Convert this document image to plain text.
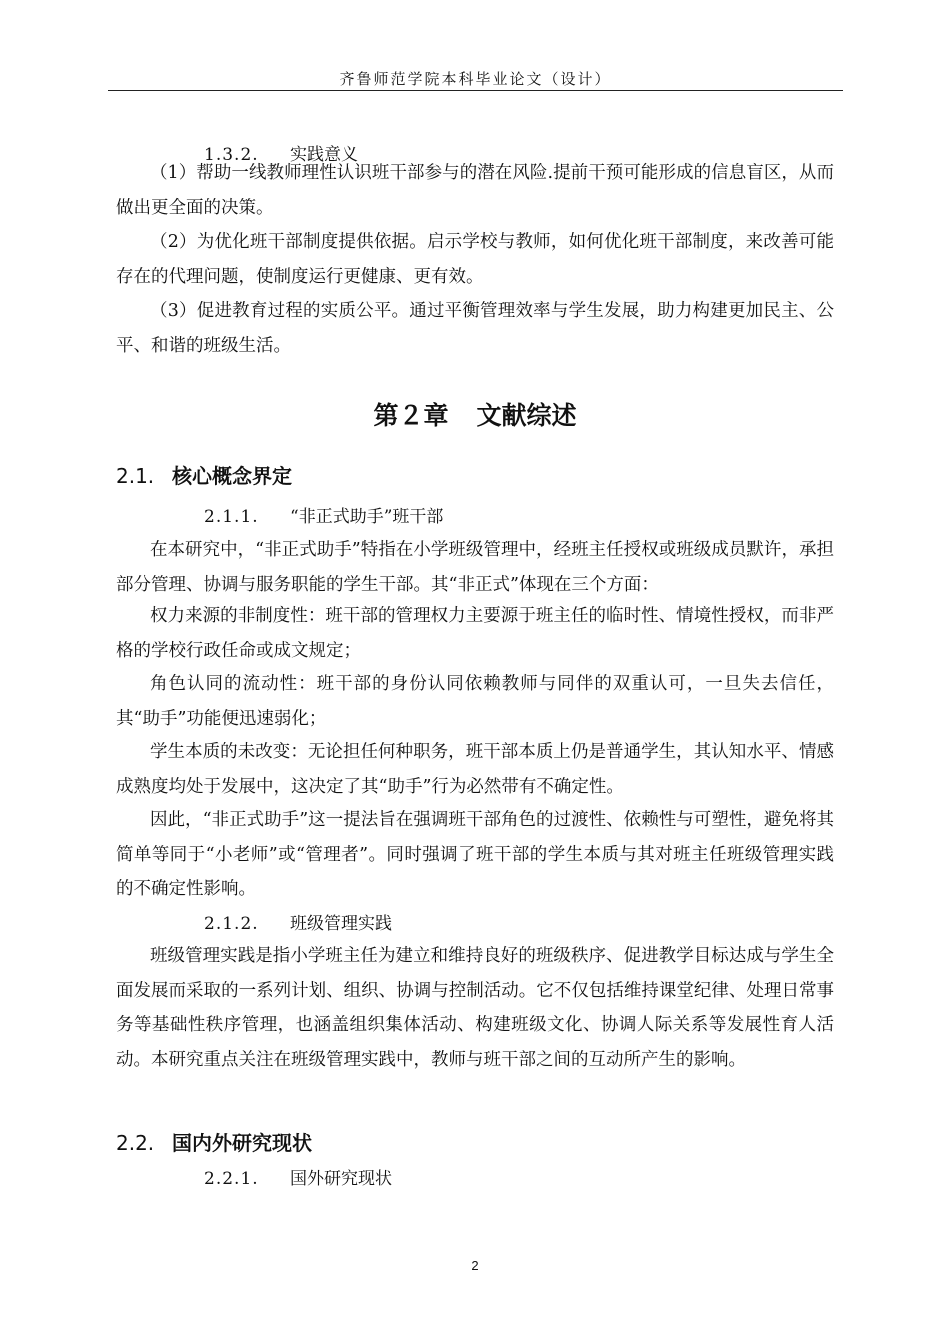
齐鲁师范学院本科毕业论文（设计）
1.3.2. 实践意义

（1）帮助一线教师理性认识班干部参与的潜在风险.提前干预可能形成的信息盲区，从而做出更全面的决策。

（2）为优化班干部制度提供依据。启示学校与教师，如何优化班干部制度，来改善可能存在的代理问题，使制度运行更健康、更有效。

（3）促进教育过程的实质公平。通过平衡管理效率与学生发展，助力构建更加民主、公平、和谐的班级生活。

第２章 文献综述
2.1. 核心概念界定
2.1.1. “非正式助手”班干部

在本研究中，“非正式助手”特指在小学班级管理中，经班主任授权或班级成员默许，承担部分管理、协调与服务职能的学生干部。其“非正式”体现在三个方面：

权力来源的非制度性：班干部的管理权力主要源于班主任的临时性、情境性授权，而非严格的学校行政任命或成文规定；

角色认同的流动性：班干部的身份认同依赖教师与同伴的双重认可，一旦失去信任，其“助手”功能便迅速弱化；

学生本质的未改变：无论担任何种职务，班干部本质上仍是普通学生，其认知水平、情感成熟度均处于发展中，这决定了其“助手”行为必然带有不确定性。

因此，“非正式助手”这一提法旨在强调班干部角色的过渡性、依赖性与可塑性，避免将其简单等同于“小老师”或“管理者”。同时强调了班干部的学生本质与其对班主任班级管理实践的不确定性影响。

2.1.2. 班级管理实践

班级管理实践是指小学班主任为建立和维持良好的班级秩序、促进教学目标达成与学生全面发展而采取的一系列计划、组织、协调与控制活动。它不仅包括维持课堂纪律、处理日常事务等基础性秩序管理，也涵盖组织集体活动、构建班级文化、协调人际关系等发展性育人活动。本研究重点关注在班级管理实践中，教师与班干部之间的互动所产生的影响。

2.2. 国内外研究现状
2.2.1. 国外研究现状
2
